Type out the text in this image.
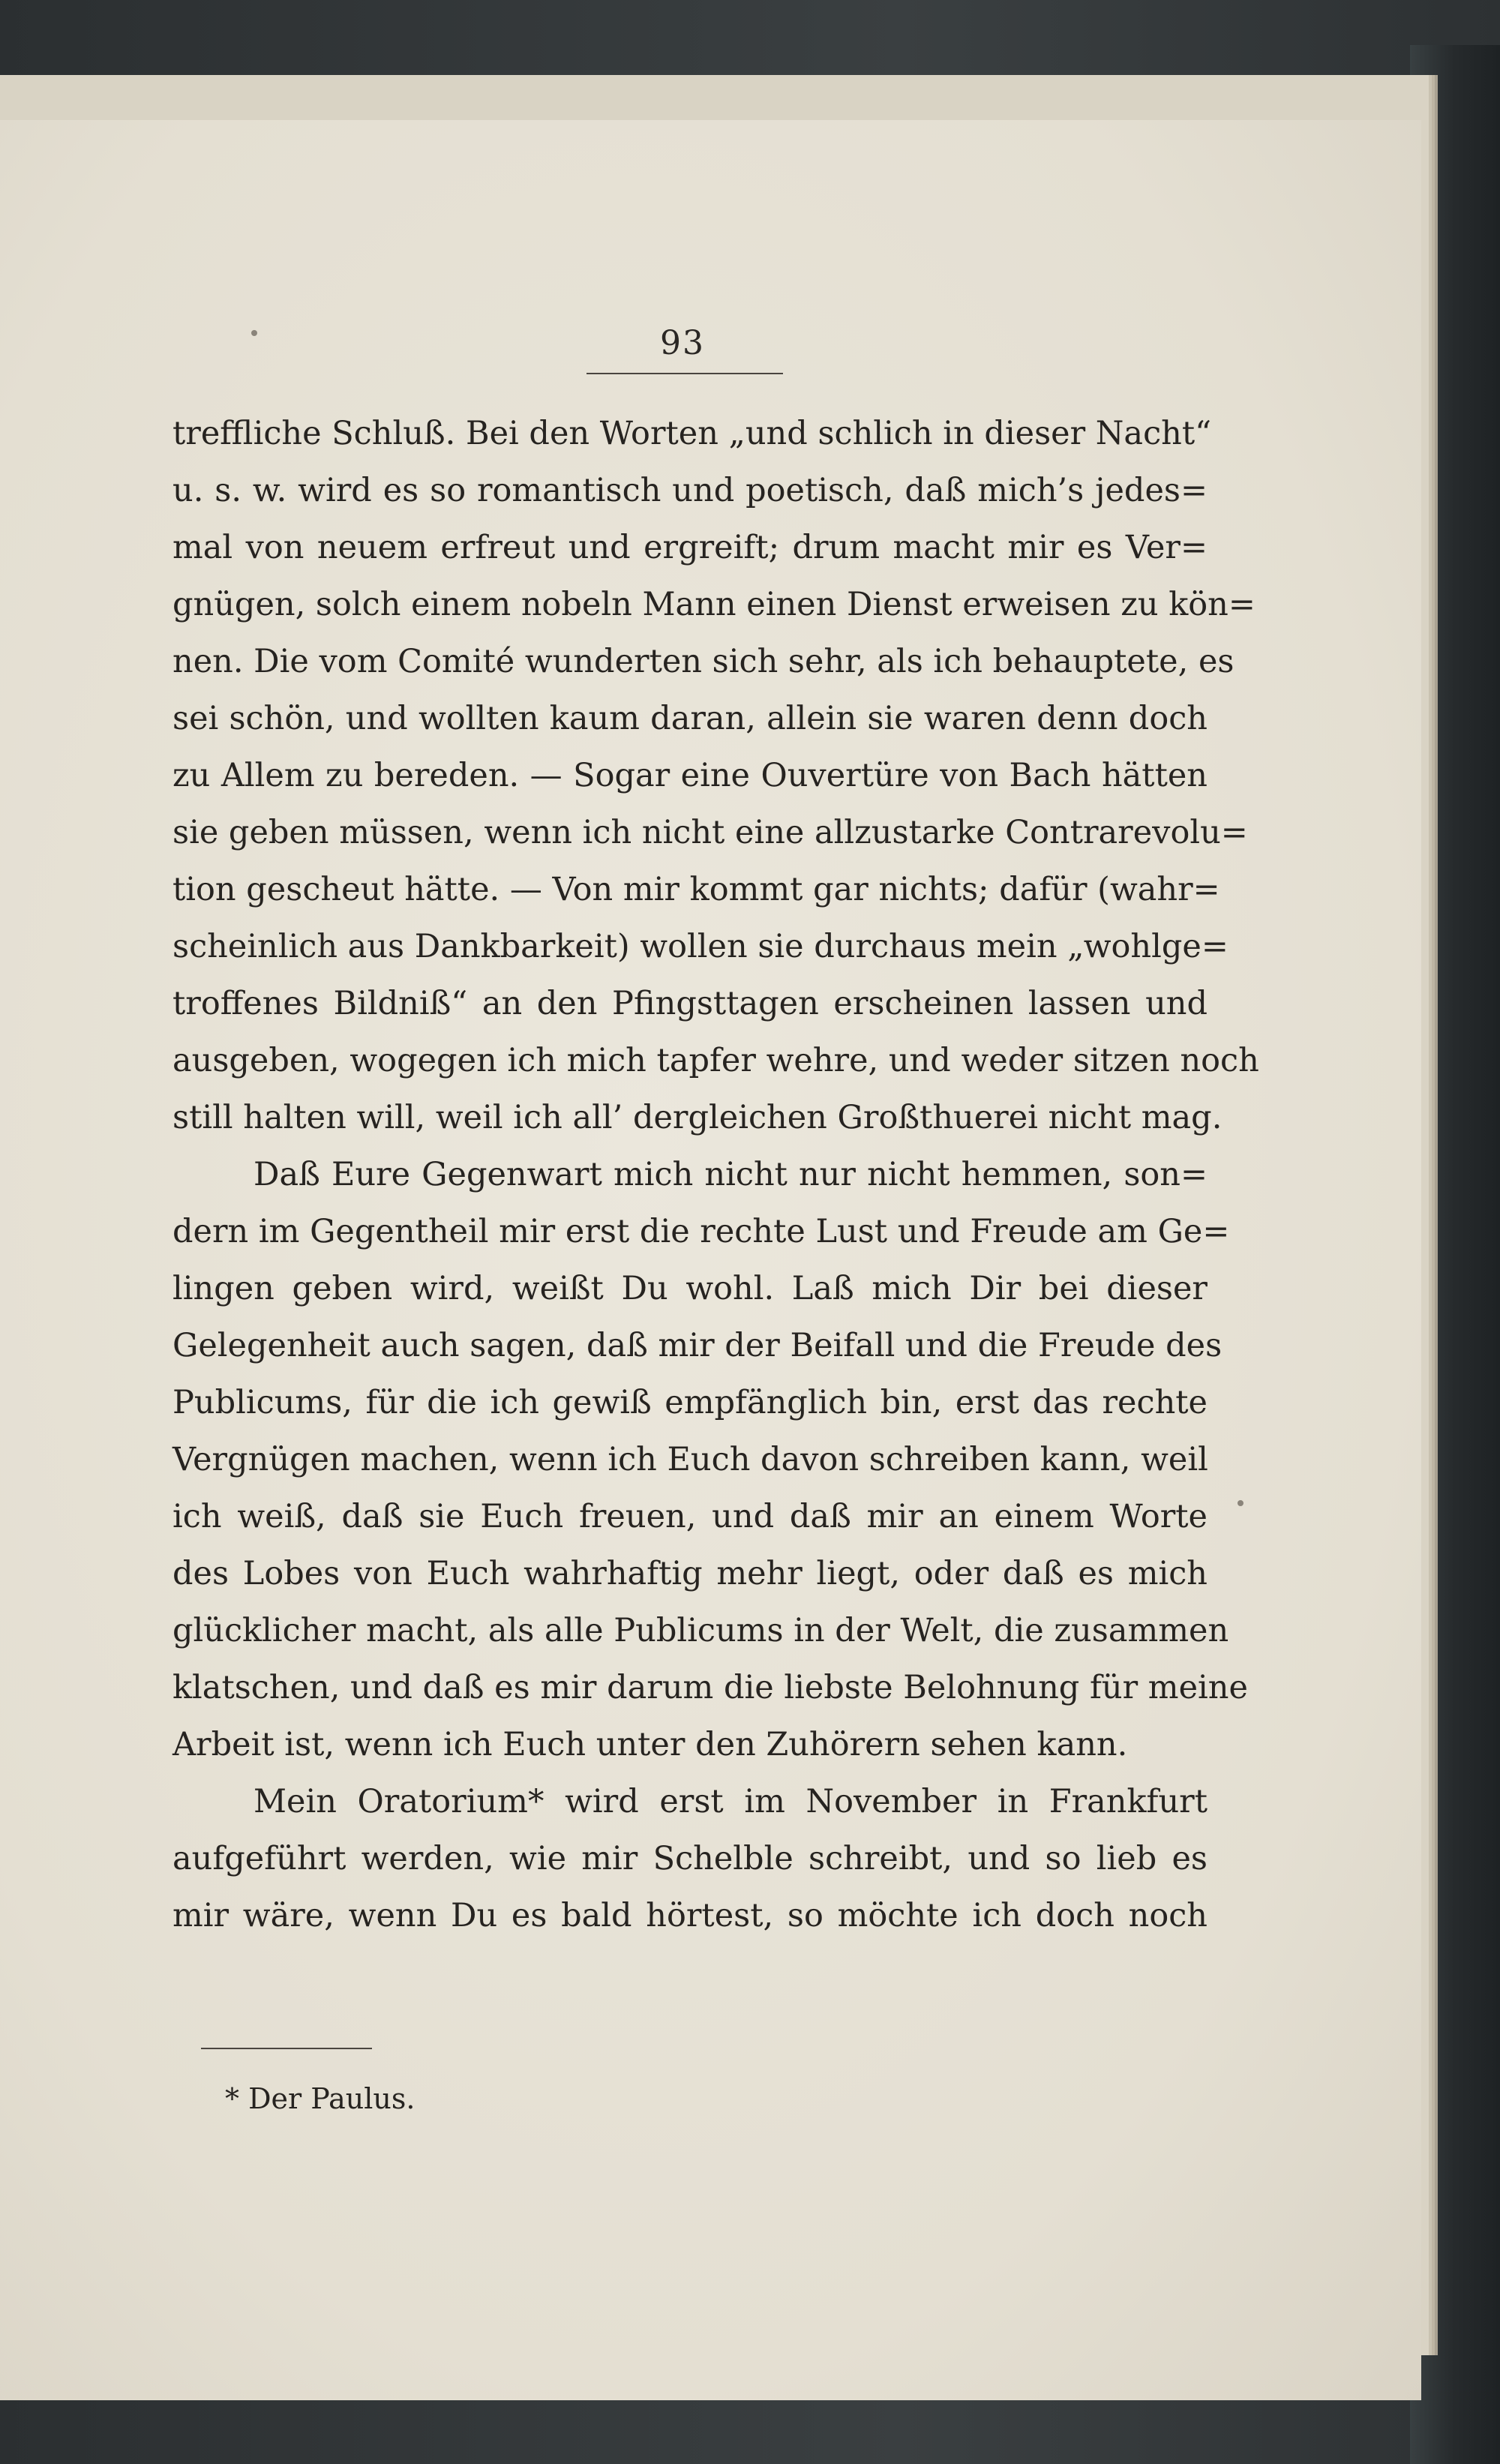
93
treffliche Schluß. Bei den Worten „und schlich in dieser Nacht“
u. s. w. wird es so romantisch und poetisch, daß mich’s jedes=
mal von neuem erfreut und ergreift; drum macht mir es Ver=
gnügen, solch einem nobeln Mann einen Dienst erweisen zu kön=
nen. Die vom Comité wunderten sich sehr, als ich behauptete, es
sei schön, und wollten kaum daran, allein sie waren denn doch
zu Allem zu bereden. — Sogar eine Ouvertüre von Bach hätten
sie geben müssen, wenn ich nicht eine allzustarke Contrarevolu=
tion gescheut hätte. — Von mir kommt gar nichts; dafür (wahr=
scheinlich aus Dankbarkeit) wollen sie durchaus mein „wohlge=
troffenes Bildniß“ an den Pfingsttagen erscheinen lassen und
ausgeben, wogegen ich mich tapfer wehre, und weder sitzen noch
still halten will, weil ich all’ dergleichen Großthuerei nicht mag.
Daß Eure Gegenwart mich nicht nur nicht hemmen, son=
dern im Gegentheil mir erst die rechte Lust und Freude am Ge=
lingen geben wird, weißt Du wohl. Laß mich Dir bei dieser
Gelegenheit auch sagen, daß mir der Beifall und die Freude des
Publicums, für die ich gewiß empfänglich bin, erst das rechte
Vergnügen machen, wenn ich Euch davon schreiben kann, weil
ich weiß, daß sie Euch freuen, und daß mir an einem Worte
des Lobes von Euch wahrhaftig mehr liegt, oder daß es mich
glücklicher macht, als alle Publicums in der Welt, die zusammen
klatschen, und daß es mir darum die liebste Belohnung für meine
Arbeit ist, wenn ich Euch unter den Zuhörern sehen kann.
Mein Oratorium* wird erst im November in Frankfurt
aufgeführt werden, wie mir Schelble schreibt, und so lieb es
mir wäre, wenn Du es bald hörtest, so möchte ich doch noch
* Der Paulus.
